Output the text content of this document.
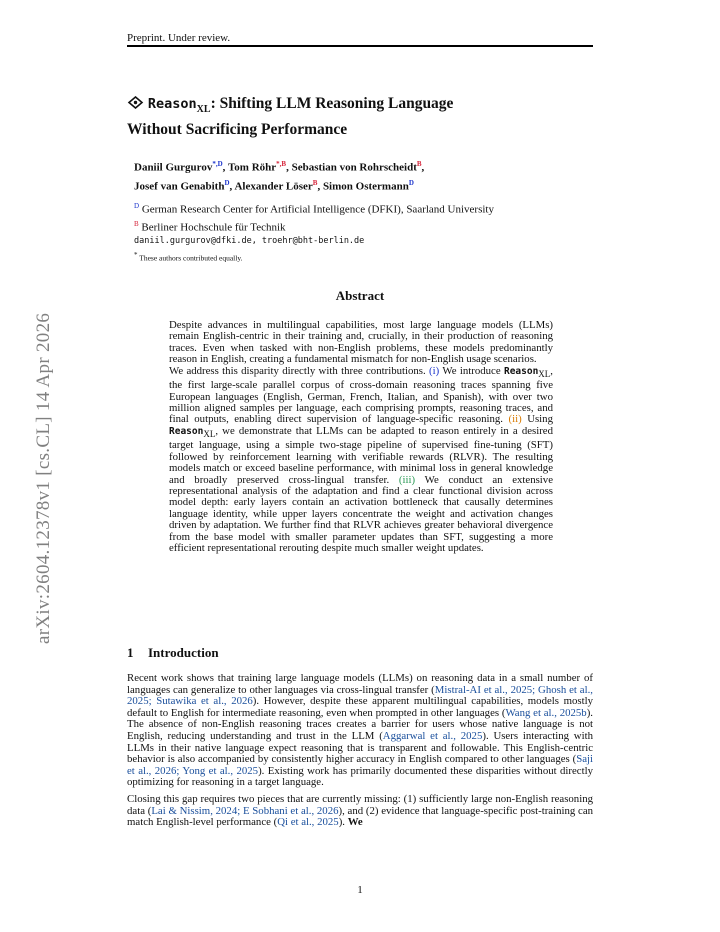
Preprint. Under review.
Reason$_{XL}$: Shifting LLM Reasoning Language
Without Sacrificing Performance
Daniil Gurgurov$^{*,D}$, Tom Röhr$^{*,B}$, Sebastian von Rohrscheidt$^B$,
Josef van Genabith$^D$, Alexander Löser$^B$, Simon Ostermann$^D$
$^D$ German Research Center for Artificial Intelligence (DFKI), Saarland University
$^B$ Berliner Hochschule für Technik
daniil.gurgurov@dfki.de, troehr@bht-berlin.de
* These authors contributed equally.
arXiv:2604.12378v1 [cs.CL] 14 Apr 2026
Abstract

Despite advances in multilingual capabilities, most large language models (LLMs) remain English-centric in their training and, crucially, in their production of reasoning traces. Even when tasked with non-English problems, these models predominantly reason in English, creating a fundamental mismatch for non-English usage scenarios.

We address this disparity directly with three contributions. (i) We introduce Reason$_{XL}$, the first large-scale parallel corpus of cross-domain reasoning traces spanning five European languages (English, German, French, Italian, and Spanish), with over two million aligned samples per language, each comprising prompts, reasoning traces, and final outputs, enabling direct supervision of language-specific reasoning. (ii) Using Reason$_{XL}$, we demonstrate that LLMs can be adapted to reason entirely in a desired target language, using a simple two-stage pipeline of supervised fine-tuning (SFT) followed by reinforcement learning with verifiable rewards (RLVR). The resulting models match or exceed baseline performance, with minimal loss in general knowledge and broadly preserved cross-lingual transfer. (iii) We conduct an extensive representational analysis of the adaptation and find a clear functional division across model depth: early layers contain an activation bottleneck that causally determines language identity, while upper layers concentrate the weight and activation changes driven by adaptation. We further find that RLVR achieves greater behavioral divergence from the base model with smaller parameter updates than SFT, suggesting a more efficient representational rerouting despite much smaller weight updates.

1 Introduction

Recent work shows that training large language models (LLMs) on reasoning data in a small number of languages can generalize to other languages via cross-lingual transfer (Mistral-AI et al., 2025; Ghosh et al., 2025; Sutawika et al., 2026). However, despite these apparent multilingual capabilities, models mostly default to English for intermediate reasoning, even when prompted in other languages (Wang et al., 2025b). The absence of non-English reasoning traces creates a barrier for users whose native language is not English, reducing understanding and trust in the LLM (Aggarwal et al., 2025). Users interacting with LLMs in their native language expect reasoning that is transparent and followable. This English-centric behavior is also accompanied by consistently higher accuracy in English compared to other languages (Saji et al., 2026; Yong et al., 2025). Existing work has primarily documented these disparities without directly optimizing for reasoning in a target language.

Closing this gap requires two pieces that are currently missing: (1) sufficiently large non-English reasoning data (Lai & Nissim, 2024; E Sobhani et al., 2026), and (2) evidence that language-specific post-training can match English-level performance (Qi et al., 2025). We

1
